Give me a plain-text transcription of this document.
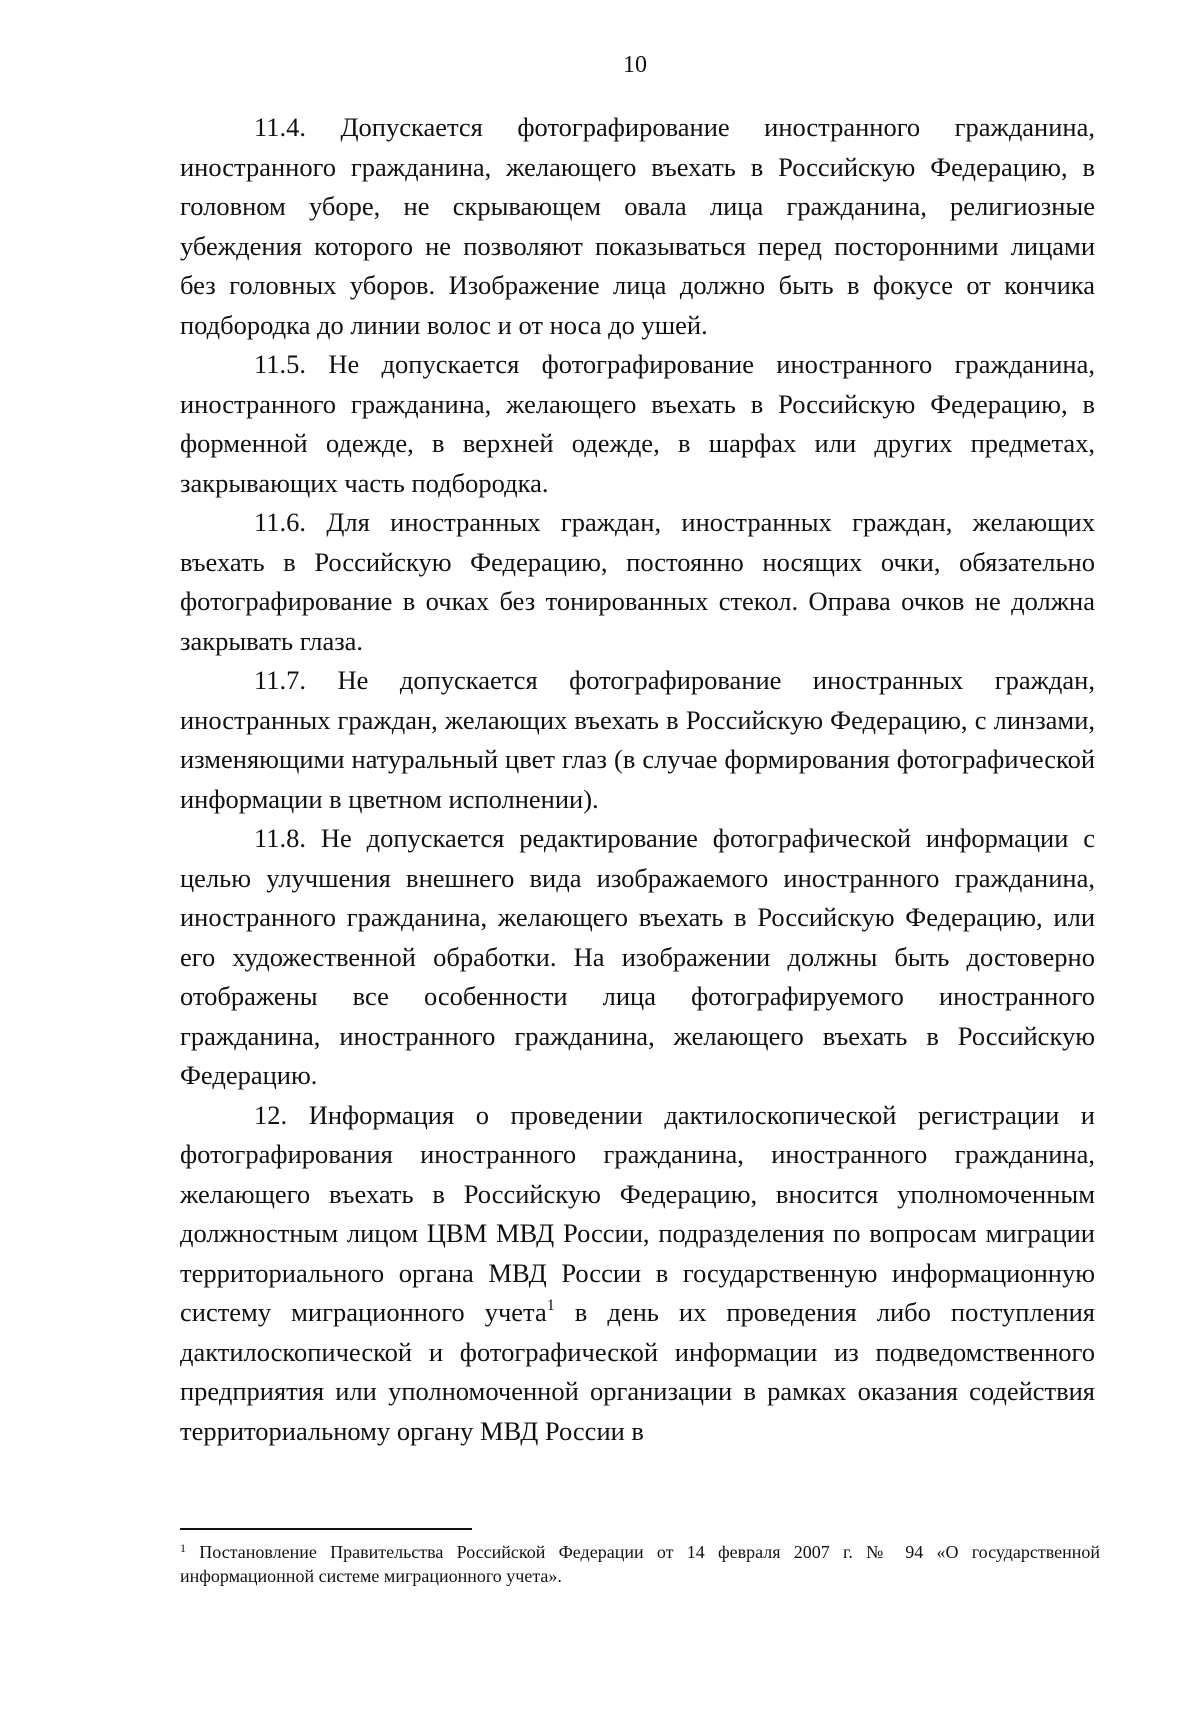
10

11.4. Допускается фотографирование иностранного гражданина, иностранного гражданина, желающего въехать в Российскую Федерацию, в головном уборе, не скрывающем овала лица гражданина, религиозные убеждения которого не позволяют показываться перед посторонними лицами без головных уборов. Изображение лица должно быть в фокусе от кончика подбородка до линии волос и от носа до ушей.

11.5. Не допускается фотографирование иностранного гражданина, иностранного гражданина, желающего въехать в Российскую Федерацию, в форменной одежде, в верхней одежде, в шарфах или других предметах, закрывающих часть подбородка.

11.6. Для иностранных граждан, иностранных граждан, желающих въехать в Российскую Федерацию, постоянно носящих очки, обязательно фотографирование в очках без тонированных стекол. Оправа очков не должна закрывать глаза.

11.7. Не допускается фотографирование иностранных граждан, иностранных граждан, желающих въехать в Российскую Федерацию, с линзами, изменяющими натуральный цвет глаз (в случае формирования фотографической информации в цветном исполнении).

11.8. Не допускается редактирование фотографической информации с целью улучшения внешнего вида изображаемого иностранного гражданина, иностранного гражданина, желающего въехать в Российскую Федерацию, или его художественной обработки. На изображении должны быть достоверно отображены все особенности лица фотографируемого иностранного гражданина, иностранного гражданина, желающего въехать в Российскую Федерацию.

12. Информация о проведении дактилоскопической регистрации и фотографирования иностранного гражданина, иностранного гражданина, желающего въехать в Российскую Федерацию, вносится уполномоченным должностным лицом ЦВМ МВД России, подразделения по вопросам миграции территориального органа МВД России в государственную информационную систему миграционного учета$^1$ в день их проведения либо поступления дактилоскопической и фотографической информации из подведомственного предприятия или уполномоченной организации в рамках оказания содействия территориальному органу МВД России в

$^1$ Постановление Правительства Российской Федерации от 14 февраля 2007 г. № 94 «О государственной информационной системе миграционного учета».
